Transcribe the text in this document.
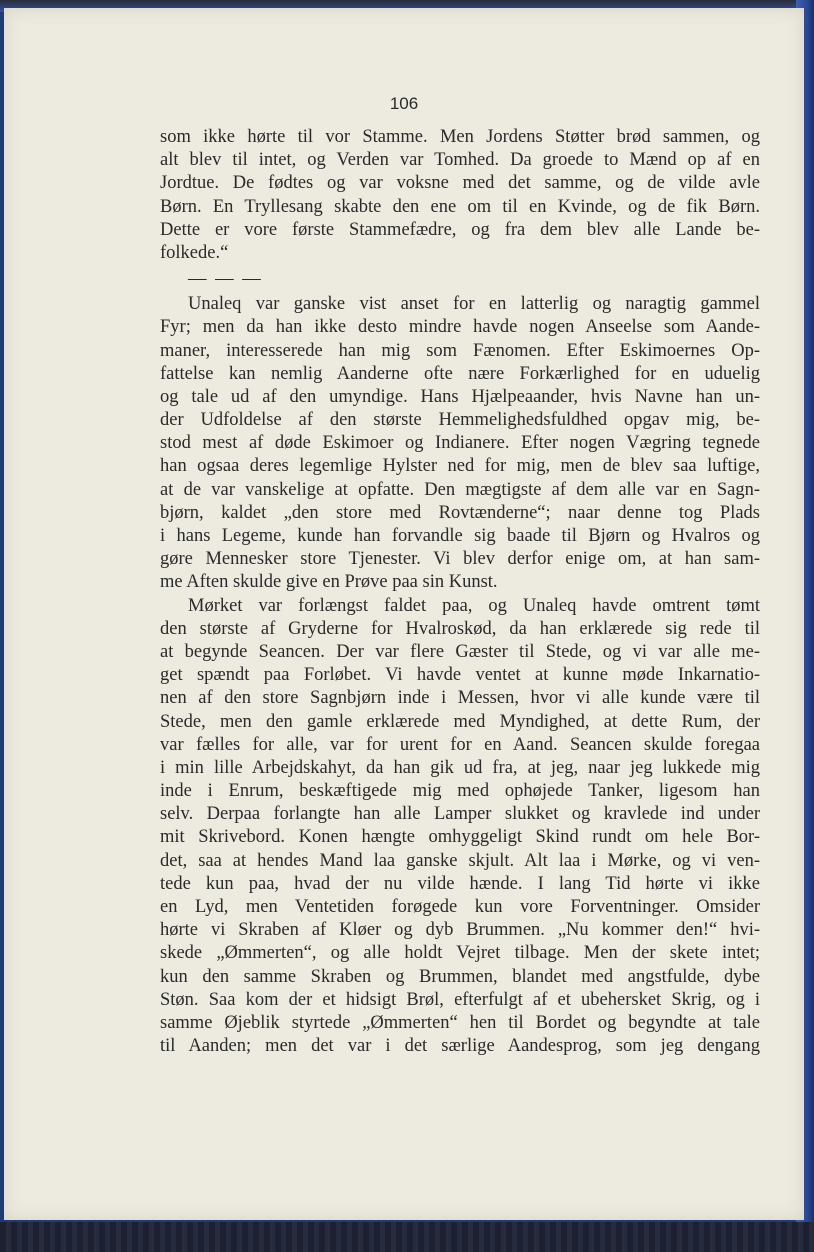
106
som ikke hørte til vor Stamme. Men Jordens Støtter brød sammen, og
alt blev til intet, og Verden var Tomhed. Da groede to Mænd op af en
Jordtue. De fødtes og var voksne med det samme, og de vilde avle
Børn. En Tryllesang skabte den ene om til en Kvinde, og de fik Børn.
Dette er vore første Stammefædre, og fra dem blev alle Lande be-
folkede.“
— — —
Unaleq var ganske vist anset for en latterlig og naragtig gammel
Fyr; men da han ikke desto mindre havde nogen Anseelse som Aande-
maner, interesserede han mig som Fænomen. Efter Eskimoernes Op-
fattelse kan nemlig Aanderne ofte nære Forkærlighed for en uduelig
og tale ud af den umyndige. Hans Hjælpeaander, hvis Navne han un-
der Udfoldelse af den største Hemmelighedsfuldhed opgav mig, be-
stod mest af døde Eskimoer og Indianere. Efter nogen Vægring tegnede
han ogsaa deres legemlige Hylster ned for mig, men de blev saa luftige,
at de var vanskelige at opfatte. Den mægtigste af dem alle var en Sagn-
bjørn, kaldet „den store med Rovtænderne“; naar denne tog Plads
i hans Legeme, kunde han forvandle sig baade til Bjørn og Hvalros og
gøre Mennesker store Tjenester. Vi blev derfor enige om, at han sam-
me Aften skulde give en Prøve paa sin Kunst.
Mørket var forlængst faldet paa, og Unaleq havde omtrent tømt
den største af Gryderne for Hvalroskød, da han erklærede sig rede til
at begynde Seancen. Der var flere Gæster til Stede, og vi var alle me-
get spændt paa Forløbet. Vi havde ventet at kunne møde Inkarnatio-
nen af den store Sagnbjørn inde i Messen, hvor vi alle kunde være til
Stede, men den gamle erklærede med Myndighed, at dette Rum, der
var fælles for alle, var for urent for en Aand. Seancen skulde foregaa
i min lille Arbejdskahyt, da han gik ud fra, at jeg, naar jeg lukkede mig
inde i Enrum, beskæftigede mig med ophøjede Tanker, ligesom han
selv. Derpaa forlangte han alle Lamper slukket og kravlede ind under
mit Skrivebord. Konen hængte omhyggeligt Skind rundt om hele Bor-
det, saa at hendes Mand laa ganske skjult. Alt laa i Mørke, og vi ven-
tede kun paa, hvad der nu vilde hænde. I lang Tid hørte vi ikke
en Lyd, men Ventetiden forøgede kun vore Forventninger. Omsider
hørte vi Skraben af Kløer og dyb Brummen. „Nu kommer den!“ hvi-
skede „Ømmerten“, og alle holdt Vejret tilbage. Men der skete intet;
kun den samme Skraben og Brummen, blandet med angstfulde, dybe
Støn. Saa kom der et hidsigt Brøl, efterfulgt af et ubehersket Skrig, og i
samme Øjeblik styrtede „Ømmerten“ hen til Bordet og begyndte at tale
til Aanden; men det var i det særlige Aandesprog, som jeg dengang
